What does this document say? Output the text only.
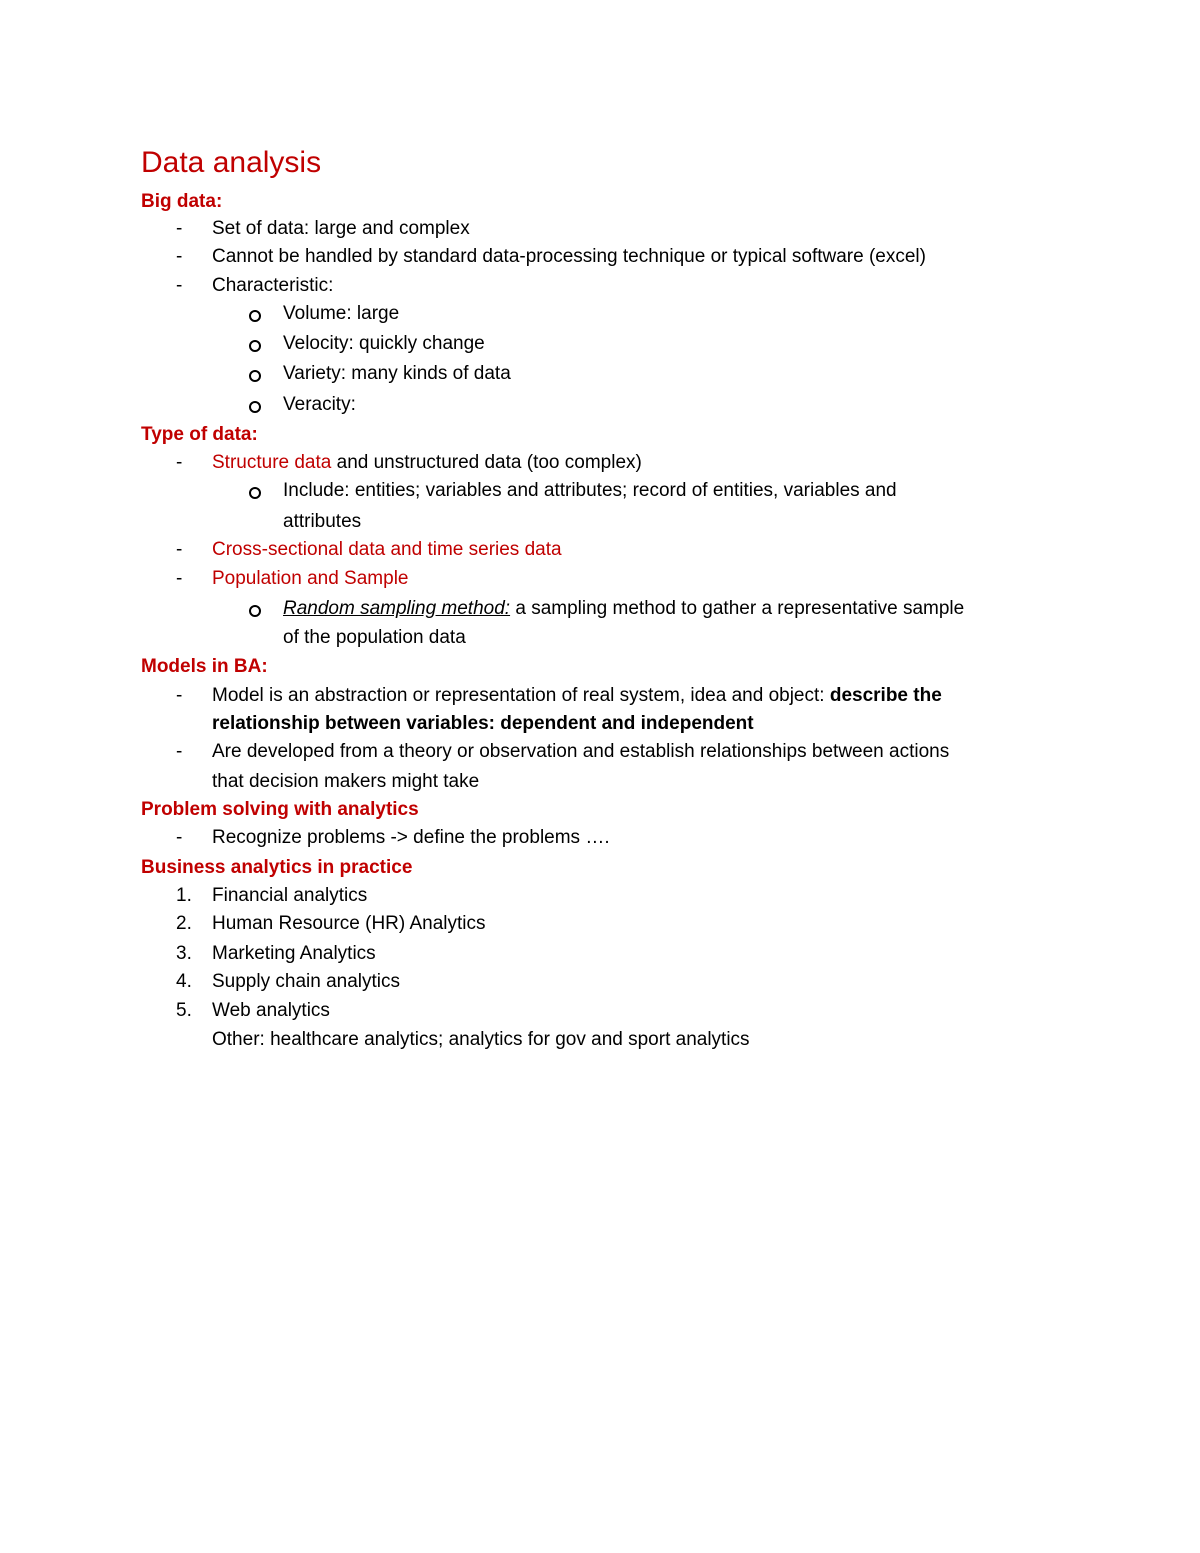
Data analysis
Big data:
- Set of data: large and complex
- Cannot be handled by standard data-processing technique or typical software (excel)
- Characteristic:
Volume: large
Velocity: quickly change
Variety: many kinds of data
Veracity:
Type of data:
- Structure data and unstructured data (too complex)
Include: entities; variables and attributes; record of entities, variables and
attributes
- Cross-sectional data and time series data
- Population and Sample
Random sampling method: a sampling method to gather a representative sample
of the population data
Models in BA:
- Model is an abstraction or representation of real system, idea and object: describe the
relationship between variables: dependent and independent
- Are developed from a theory or observation and establish relationships between actions
that decision makers might take
Problem solving with analytics
- Recognize problems -> define the problems ….
Business analytics in practice
1. Financial analytics
2. Human Resource (HR) Analytics
3. Marketing Analytics
4. Supply chain analytics
5. Web analytics
Other: healthcare analytics; analytics for gov and sport analytics
